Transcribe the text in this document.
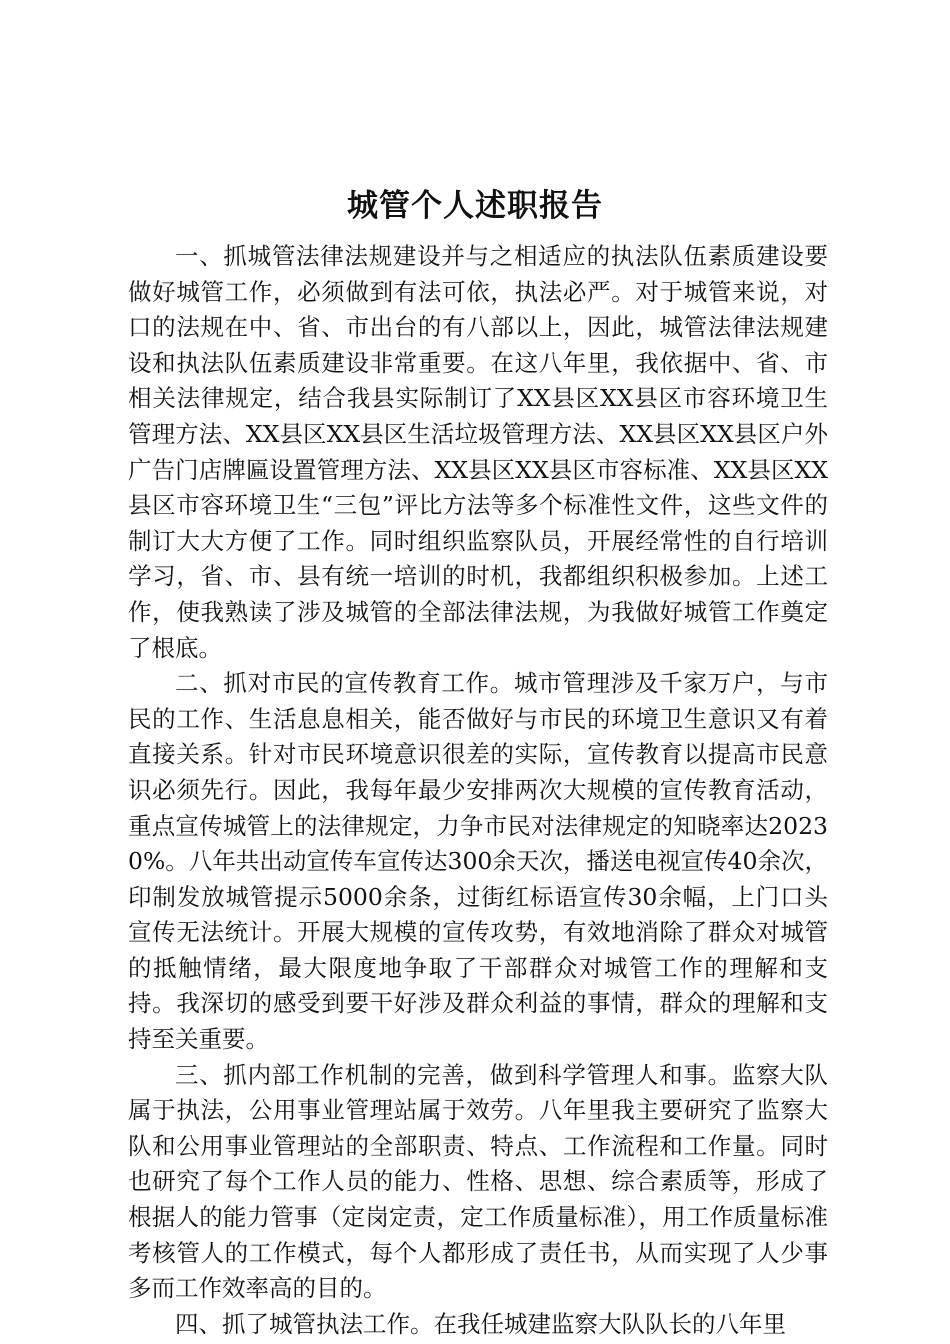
城管个人述职报告

一、抓城管法律法规建设并与之相适应的执法队伍素质建设要做好城管工作，必须做到有法可依，执法必严。对于城管来说，对口的法规在中、省、市出台的有八部以上，因此，城管法律法规建设和执法队伍素质建设非常重要。在这八年里，我依据中、省、市相关法律规定，结合我县实际制订了XX县区XX县区市容环境卫生管理方法、XX县区XX县区生活垃圾管理方法、XX县区XX县区户外广告门店牌匾设置管理方法、XX县区XX县区市容标准、XX县区XX县区市容环境卫生“三包”评比方法等多个标准性文件，这些文件的制订大大方便了工作。同时组织监察队员，开展经常性的自行培训学习，省、市、县有统一培训的时机，我都组织积极参加。上述工作，使我熟读了涉及城管的全部法律法规，为我做好城管工作奠定了根底。

二、抓对市民的宣传教育工作。城市管理涉及千家万户，与市民的工作、生活息息相关，能否做好与市民的环境卫生意识又有着直接关系。针对市民环境意识很差的实际，宣传教育以提高市民意识必须先行。因此，我每年最少安排两次大规模的宣传教育活动，重点宣传城管上的法律规定，力争市民对法律规定的知晓率达20230%。八年共出动宣传车宣传达300余天次，播送电视宣传40余次，印制发放城管提示5000余条，过街红标语宣传30余幅，上门口头宣传无法统计。开展大规模的宣传攻势，有效地消除了群众对城管的抵触情绪，最大限度地争取了干部群众对城管工作的理解和支持。我深切的感受到要干好涉及群众利益的事情，群众的理解和支持至关重要。

三、抓内部工作机制的完善，做到科学管理人和事。监察大队属于执法，公用事业管理站属于效劳。八年里我主要研究了监察大队和公用事业管理站的全部职责、特点、工作流程和工作量。同时也研究了每个工作人员的能力、性格、思想、综合素质等，形成了根据人的能力管事（定岗定责，定工作质量标准），用工作质量标准考核管人的工作模式，每个人都形成了责任书，从而实现了人少事多而工作效率高的目的。

四、抓了城管执法工作。在我任城建监察大队队长的八年里
